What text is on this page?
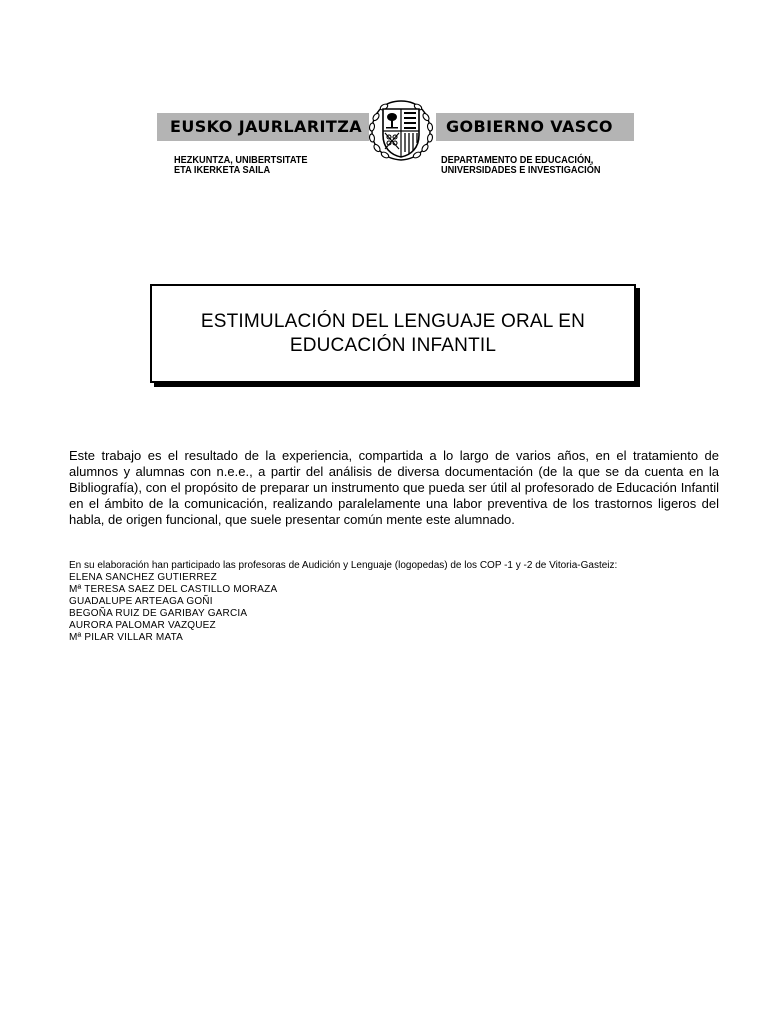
EUSKO JAURLARITZA	GOBIERNO VASCO
HEZKUNTZA, UNIBERTSITATE
ETA IKERKETA SAILA
DEPARTAMENTO DE EDUCACIÓN,
UNIVERSIDADES E INVESTIGACIÓN
ESTIMULACIÓN DEL LENGUAJE ORAL EN
EDUCACIÓN INFANTIL
Este trabajo es el resultado de la experiencia, compartida a lo largo de varios años, en el tratamiento de alumnos y alumnas con n.e.e., a partir del análisis de diversa documentación (de la que se da cuenta en la Bibliografía), con el propósito de preparar un instrumento que pueda ser útil al profesorado de Educación Infantil en el ámbito de la comunicación, realizando paralelamente una labor preventiva de los trastornos ligeros del habla, de origen funcional, que suele presentar común mente este alumnado.
En su elaboración han participado las profesoras de Audición y Lenguaje (logopedas) de los COP -1 y -2 de Vitoria-Gasteiz:
ELENA SANCHEZ GUTIERREZ
Mª TERESA SAEZ DEL CASTILLO MORAZA
GUADALUPE ARTEAGA GOÑI
BEGOÑA RUIZ DE GARIBAY GARCIA
AURORA PALOMAR VAZQUEZ
Mª PILAR VILLAR MATA
